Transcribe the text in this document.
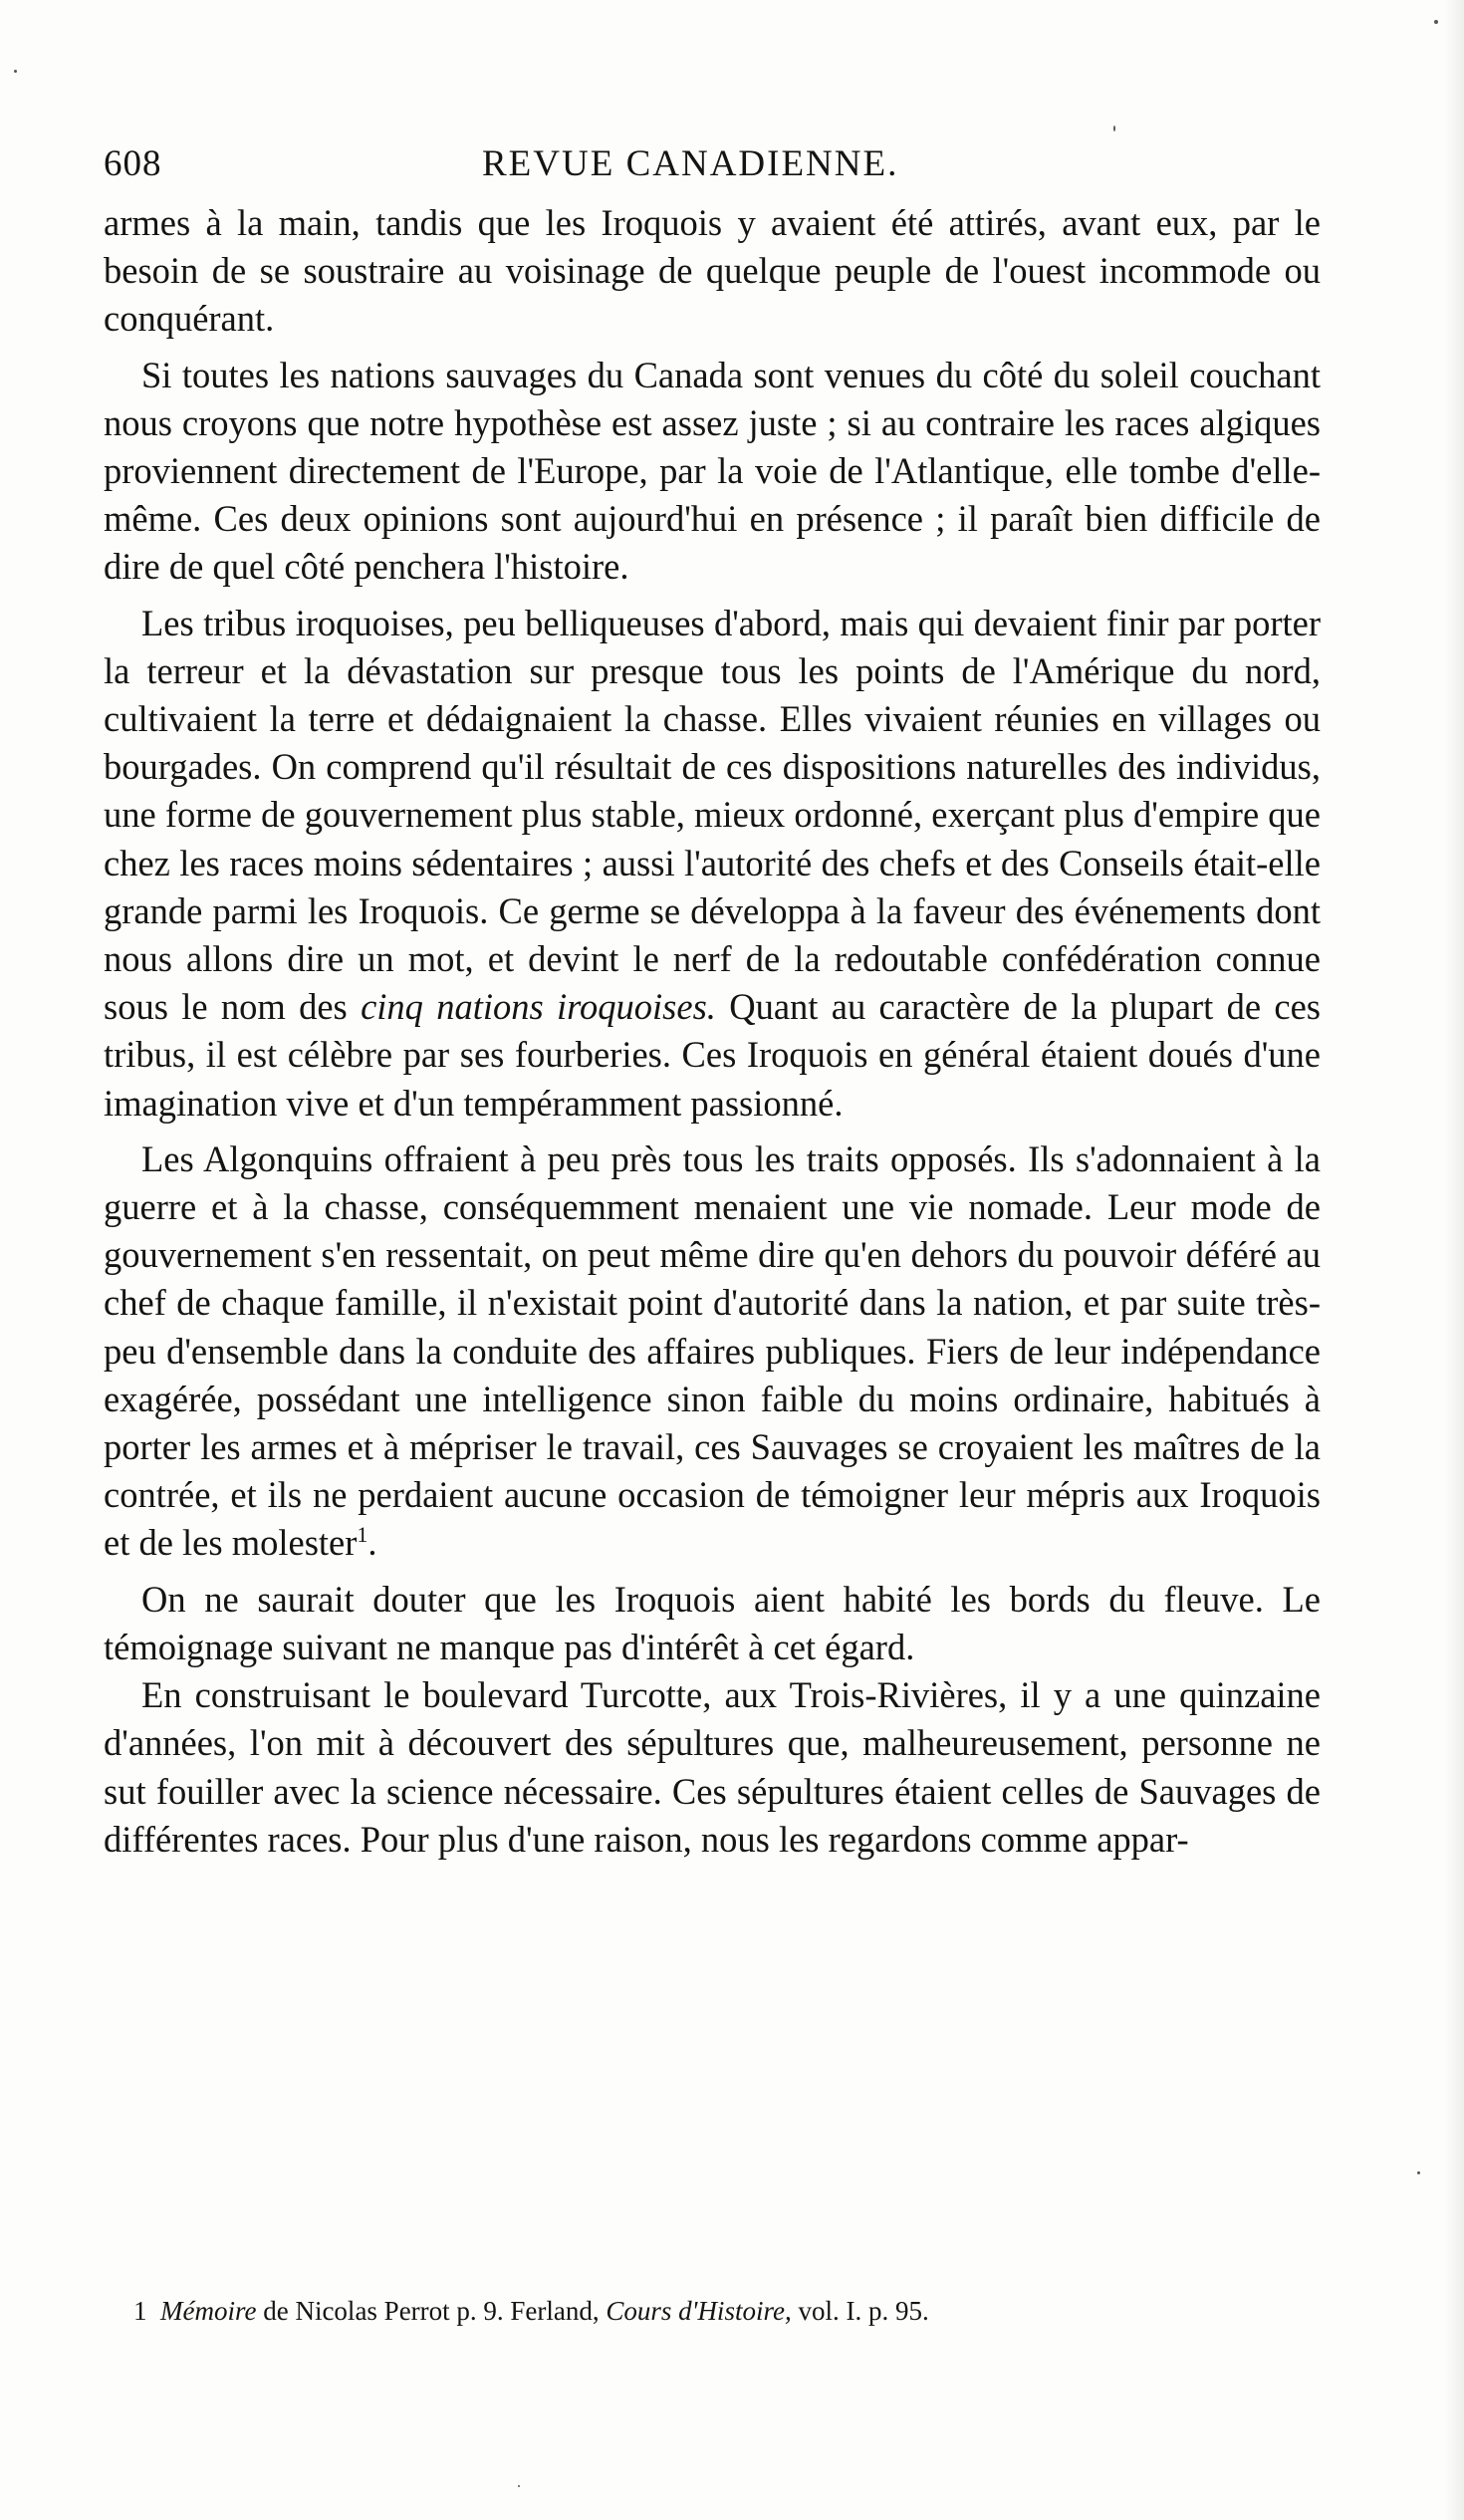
608	REVUE CANADIENNE.

armes à la main, tandis que les Iroquois y avaient été attirés, avant eux, par le besoin de se soustraire au voisinage de quelque peuple de l'ouest incommode ou conquérant.

Si toutes les nations sauvages du Canada sont venues du côté du soleil couchant nous croyons que notre hypothèse est assez juste ; si au contraire les races algiques proviennent directement de l'Europe, par la voie de l'Atlantique, elle tombe d'elle-même. Ces deux opinions sont aujourd'hui en présence ; il paraît bien difficile de dire de quel côté penchera l'histoire.

Les tribus iroquoises, peu belliqueuses d'abord, mais qui devaient finir par porter la terreur et la dévastation sur presque tous les points de l'Amérique du nord, cultivaient la terre et dédaignaient la chasse. Elles vivaient réunies en villages ou bourgades. On comprend qu'il résultait de ces dispositions naturelles des individus, une forme de gouvernement plus stable, mieux ordonné, exerçant plus d'empire que chez les races moins sédentaires ; aussi l'autorité des chefs et des Conseils était-elle grande parmi les Iroquois. Ce germe se développa à la faveur des événements dont nous allons dire un mot, et devint le nerf de la redoutable confédération connue sous le nom des cinq nations iroquoises. Quant au caractère de la plupart de ces tribus, il est célèbre par ses fourberies. Ces Iroquois en général étaient doués d'une imagination vive et d'un tempéramment passionné.

Les Algonquins offraient à peu près tous les traits opposés. Ils s'adonnaient à la guerre et à la chasse, conséquemment menaient une vie nomade. Leur mode de gouvernement s'en ressentait, on peut même dire qu'en dehors du pouvoir déféré au chef de chaque famille, il n'existait point d'autorité dans la nation, et par suite très-peu d'ensemble dans la conduite des affaires publiques. Fiers de leur indépendance exagérée, possédant une intelligence sinon faible du moins ordinaire, habitués à porter les armes et à mépriser le travail, ces Sauvages se croyaient les maîtres de la contrée, et ils ne perdaient aucune occasion de témoigner leur mépris aux Iroquois et de les molester$^1$.

On ne saurait douter que les Iroquois aient habité les bords du fleuve. Le témoignage suivant ne manque pas d'intérêt à cet égard.

En construisant le boulevard Turcotte, aux Trois-Rivières, il y a une quinzaine d'années, l'on mit à découvert des sépultures que, malheureusement, personne ne sut fouiller avec la science nécessaire. Ces sépultures étaient celles de Sauvages de différentes races. Pour plus d'une raison, nous les regardons comme appar-

1 Mémoire de Nicolas Perrot p. 9. Ferland, Cours d'Histoire, vol. I. p. 95.
